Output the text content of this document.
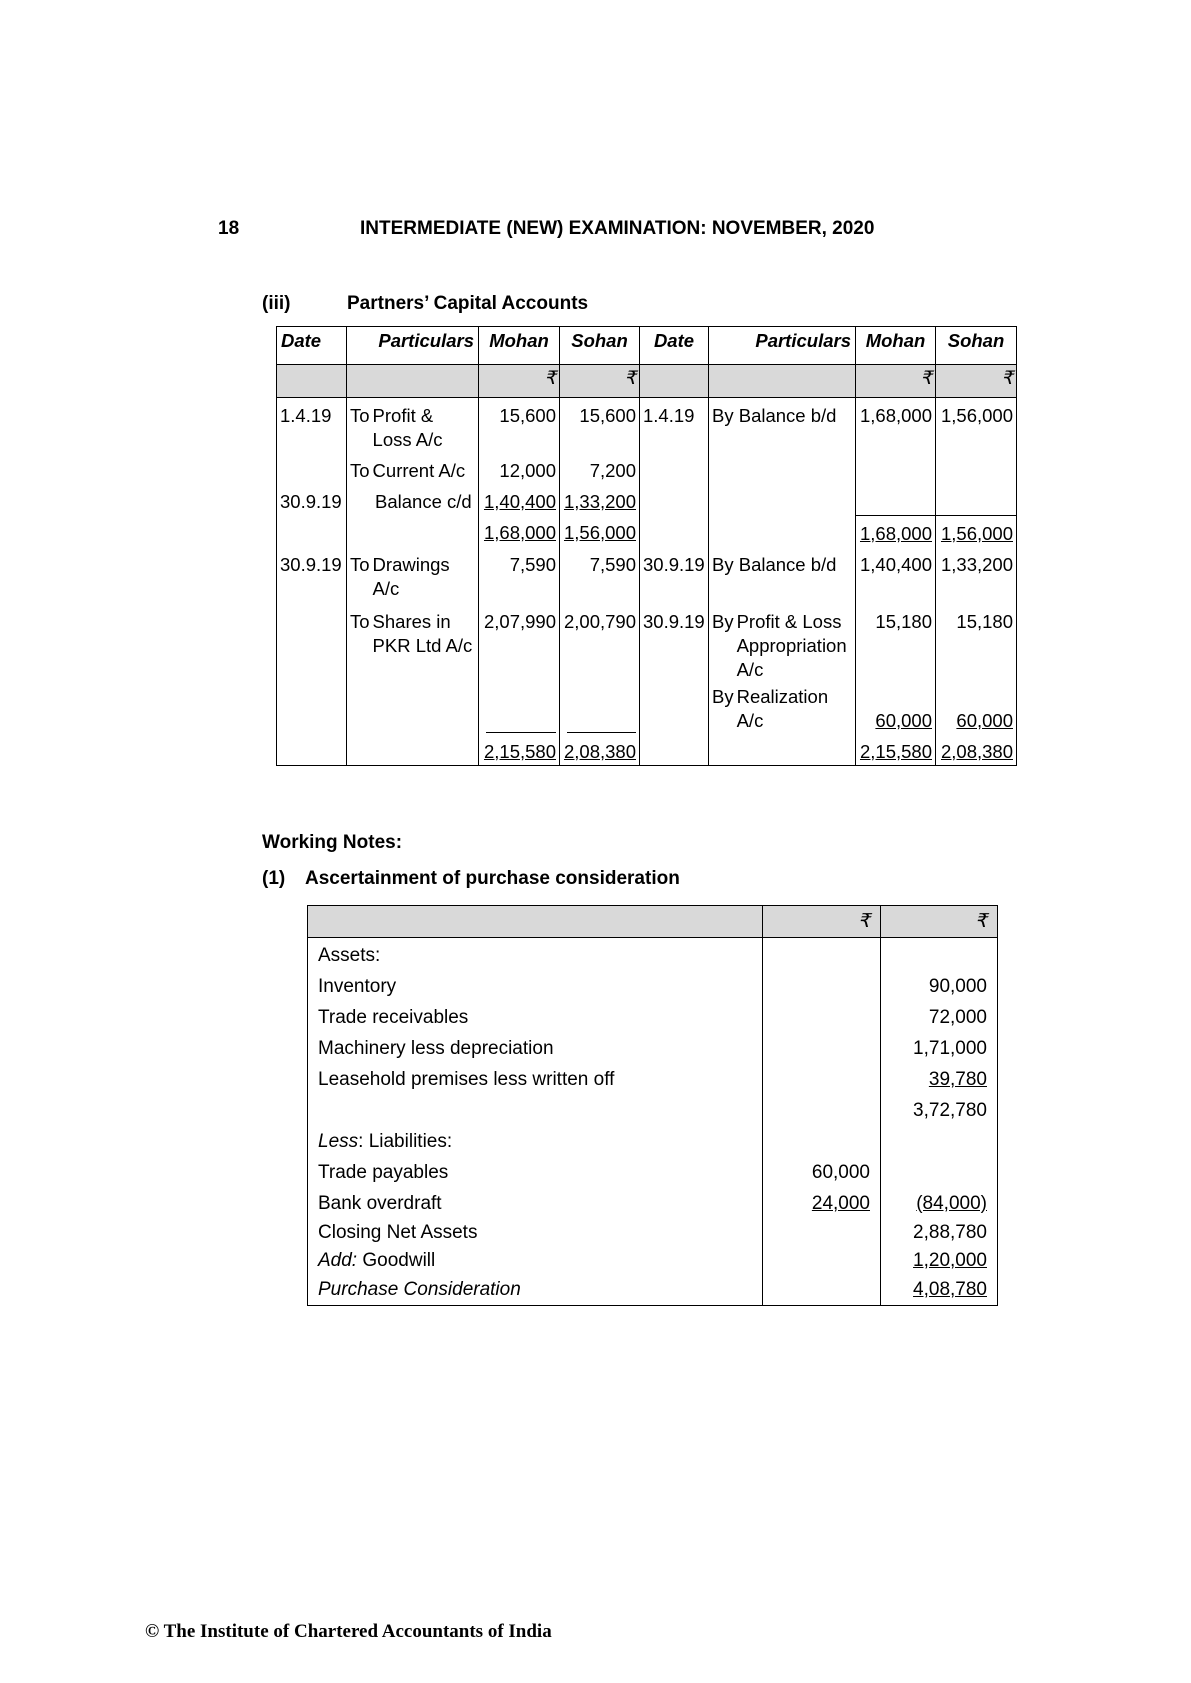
18	INTERMEDIATE (NEW) EXAMINATION: NOVEMBER, 2020
(iii)	Partners’ Capital Accounts
Date	Particulars	Mohan	Sohan	Date	Particulars	Mohan	Sohan
		₹	₹			₹	₹
1.4.19	To Profit & Loss A/c	15,600	15,600	1.4.19	By Balance b/d	1,68,000	1,56,000

	To Current A/c	12,000	7,200				
30.9.19	Balance c/d	1,40,400	1,33,200				
		1,68,000	1,56,000			1,68,000	1,56,000
30.9.19	To Drawings A/c	7,590	7,590	30.9.19	By Balance b/d	1,40,400	1,33,200

	To Shares in PKR Ltd A/c	2,07,990	2,00,790	30.9.19	By Profit & Loss Appropriation A/c	15,180	15,180

					By Realization A/c	60,000	60,000
		2,15,580	2,08,380			2,15,580	2,08,380
Working Notes:
(1) Ascertainment of purchase consideration
	₹	₹
Assets:		
Inventory		90,000
Trade receivables		72,000
Machinery less depreciation		1,71,000
Leasehold premises less written off		39,780
		3,72,780
Less: Liabilities:		
Trade payables	60,000	
Bank overdraft	24,000	(84,000)
Closing Net Assets		2,88,780
Add: Goodwill		1,20,000
Purchase Consideration		4,08,780
© The Institute of Chartered Accountants of India
